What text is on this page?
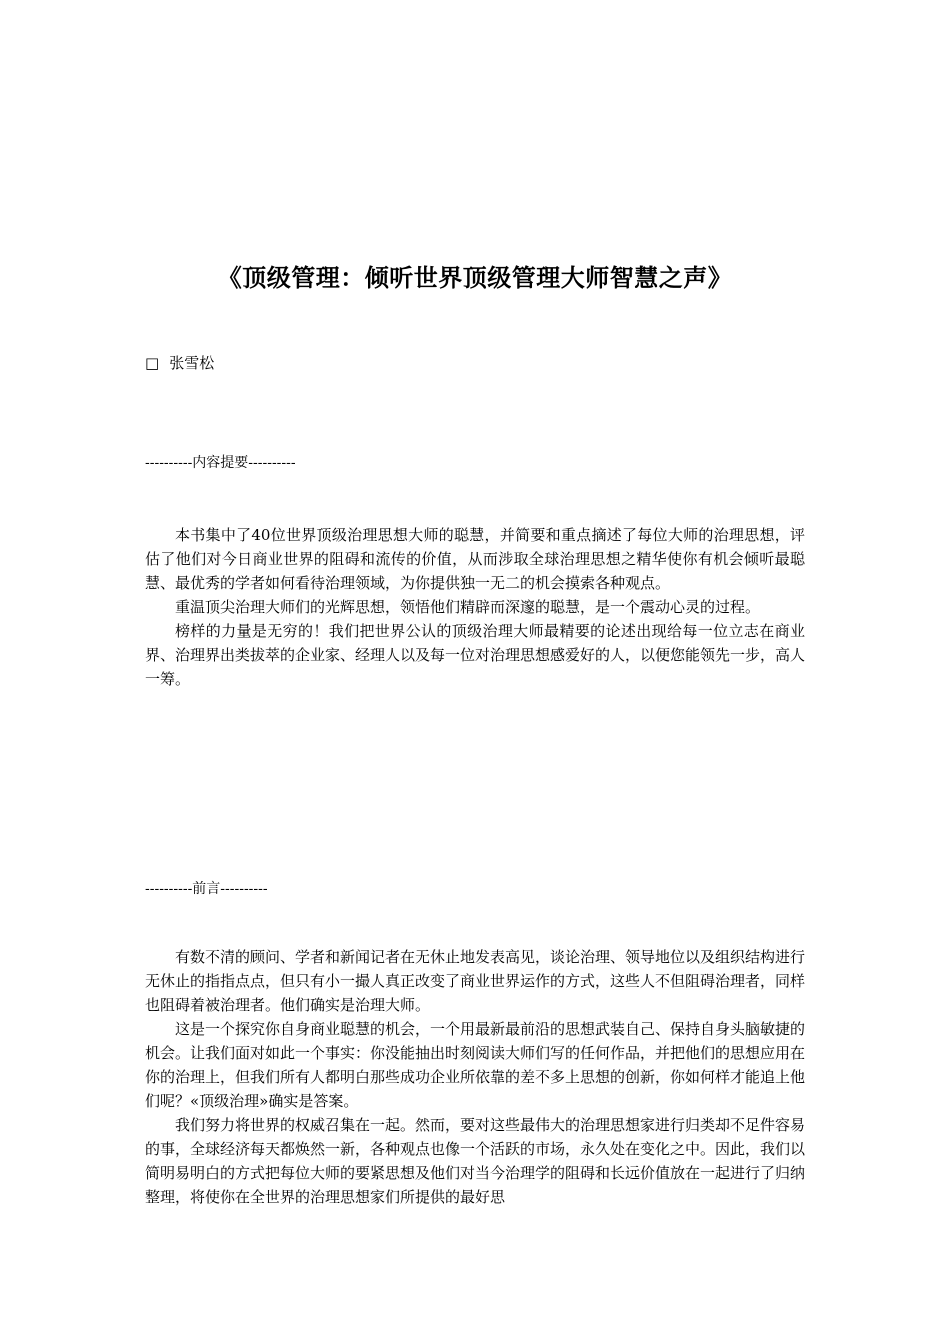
《顶级管理：倾听世界顶级管理大师智慧之声》
□ 张雪松
----------内容提要----------

本书集中了40位世界顶级治理思想大师的聪慧，并简要和重点摘述了每位大师的治理思想，评估了他们对今日商业世界的阻碍和流传的价值，从而涉取全球治理思想之精华使你有机会倾听最聪慧、最优秀的学者如何看待治理领域，为你提供独一无二的机会摸索各种观点。

重温顶尖治理大师们的光辉思想，领悟他们精辟而深邃的聪慧，是一个震动心灵的过程。

榜样的力量是无穷的！我们把世界公认的顶级治理大师最精要的论述出现给每一位立志在商业界、治理界出类拔萃的企业家、经理人以及每一位对治理思想感爱好的人，以便您能领先一步，高人一筹。

----------前言----------

有数不清的顾问、学者和新闻记者在无休止地发表高见，谈论治理、领导地位以及组织结构进行无休止的指指点点，但只有小一撮人真正改变了商业世界运作的方式，这些人不但阻碍治理者，同样也阻碍着被治理者。他们确实是治理大师。

这是一个探究你自身商业聪慧的机会，一个用最新最前沿的思想武装自己、保持自身头脑敏捷的机会。让我们面对如此一个事实：你没能抽出时刻阅读大师们写的任何作品，并把他们的思想应用在你的治理上，但我们所有人都明白那些成功企业所依靠的差不多上思想的创新，你如何样才能追上他们呢？«顶级治理»确实是答案。

我们努力将世界的权威召集在一起。然而，要对这些最伟大的治理思想家进行归类却不足件容易的事，全球经济每天都焕然一新，各种观点也像一个活跃的市场，永久处在变化之中。因此，我们以简明易明白的方式把每位大师的要紧思想及他们对当今治理学的阻碍和长远价值放在一起进行了归纳整理，将使你在全世界的治理思想家们所提供的最好思
